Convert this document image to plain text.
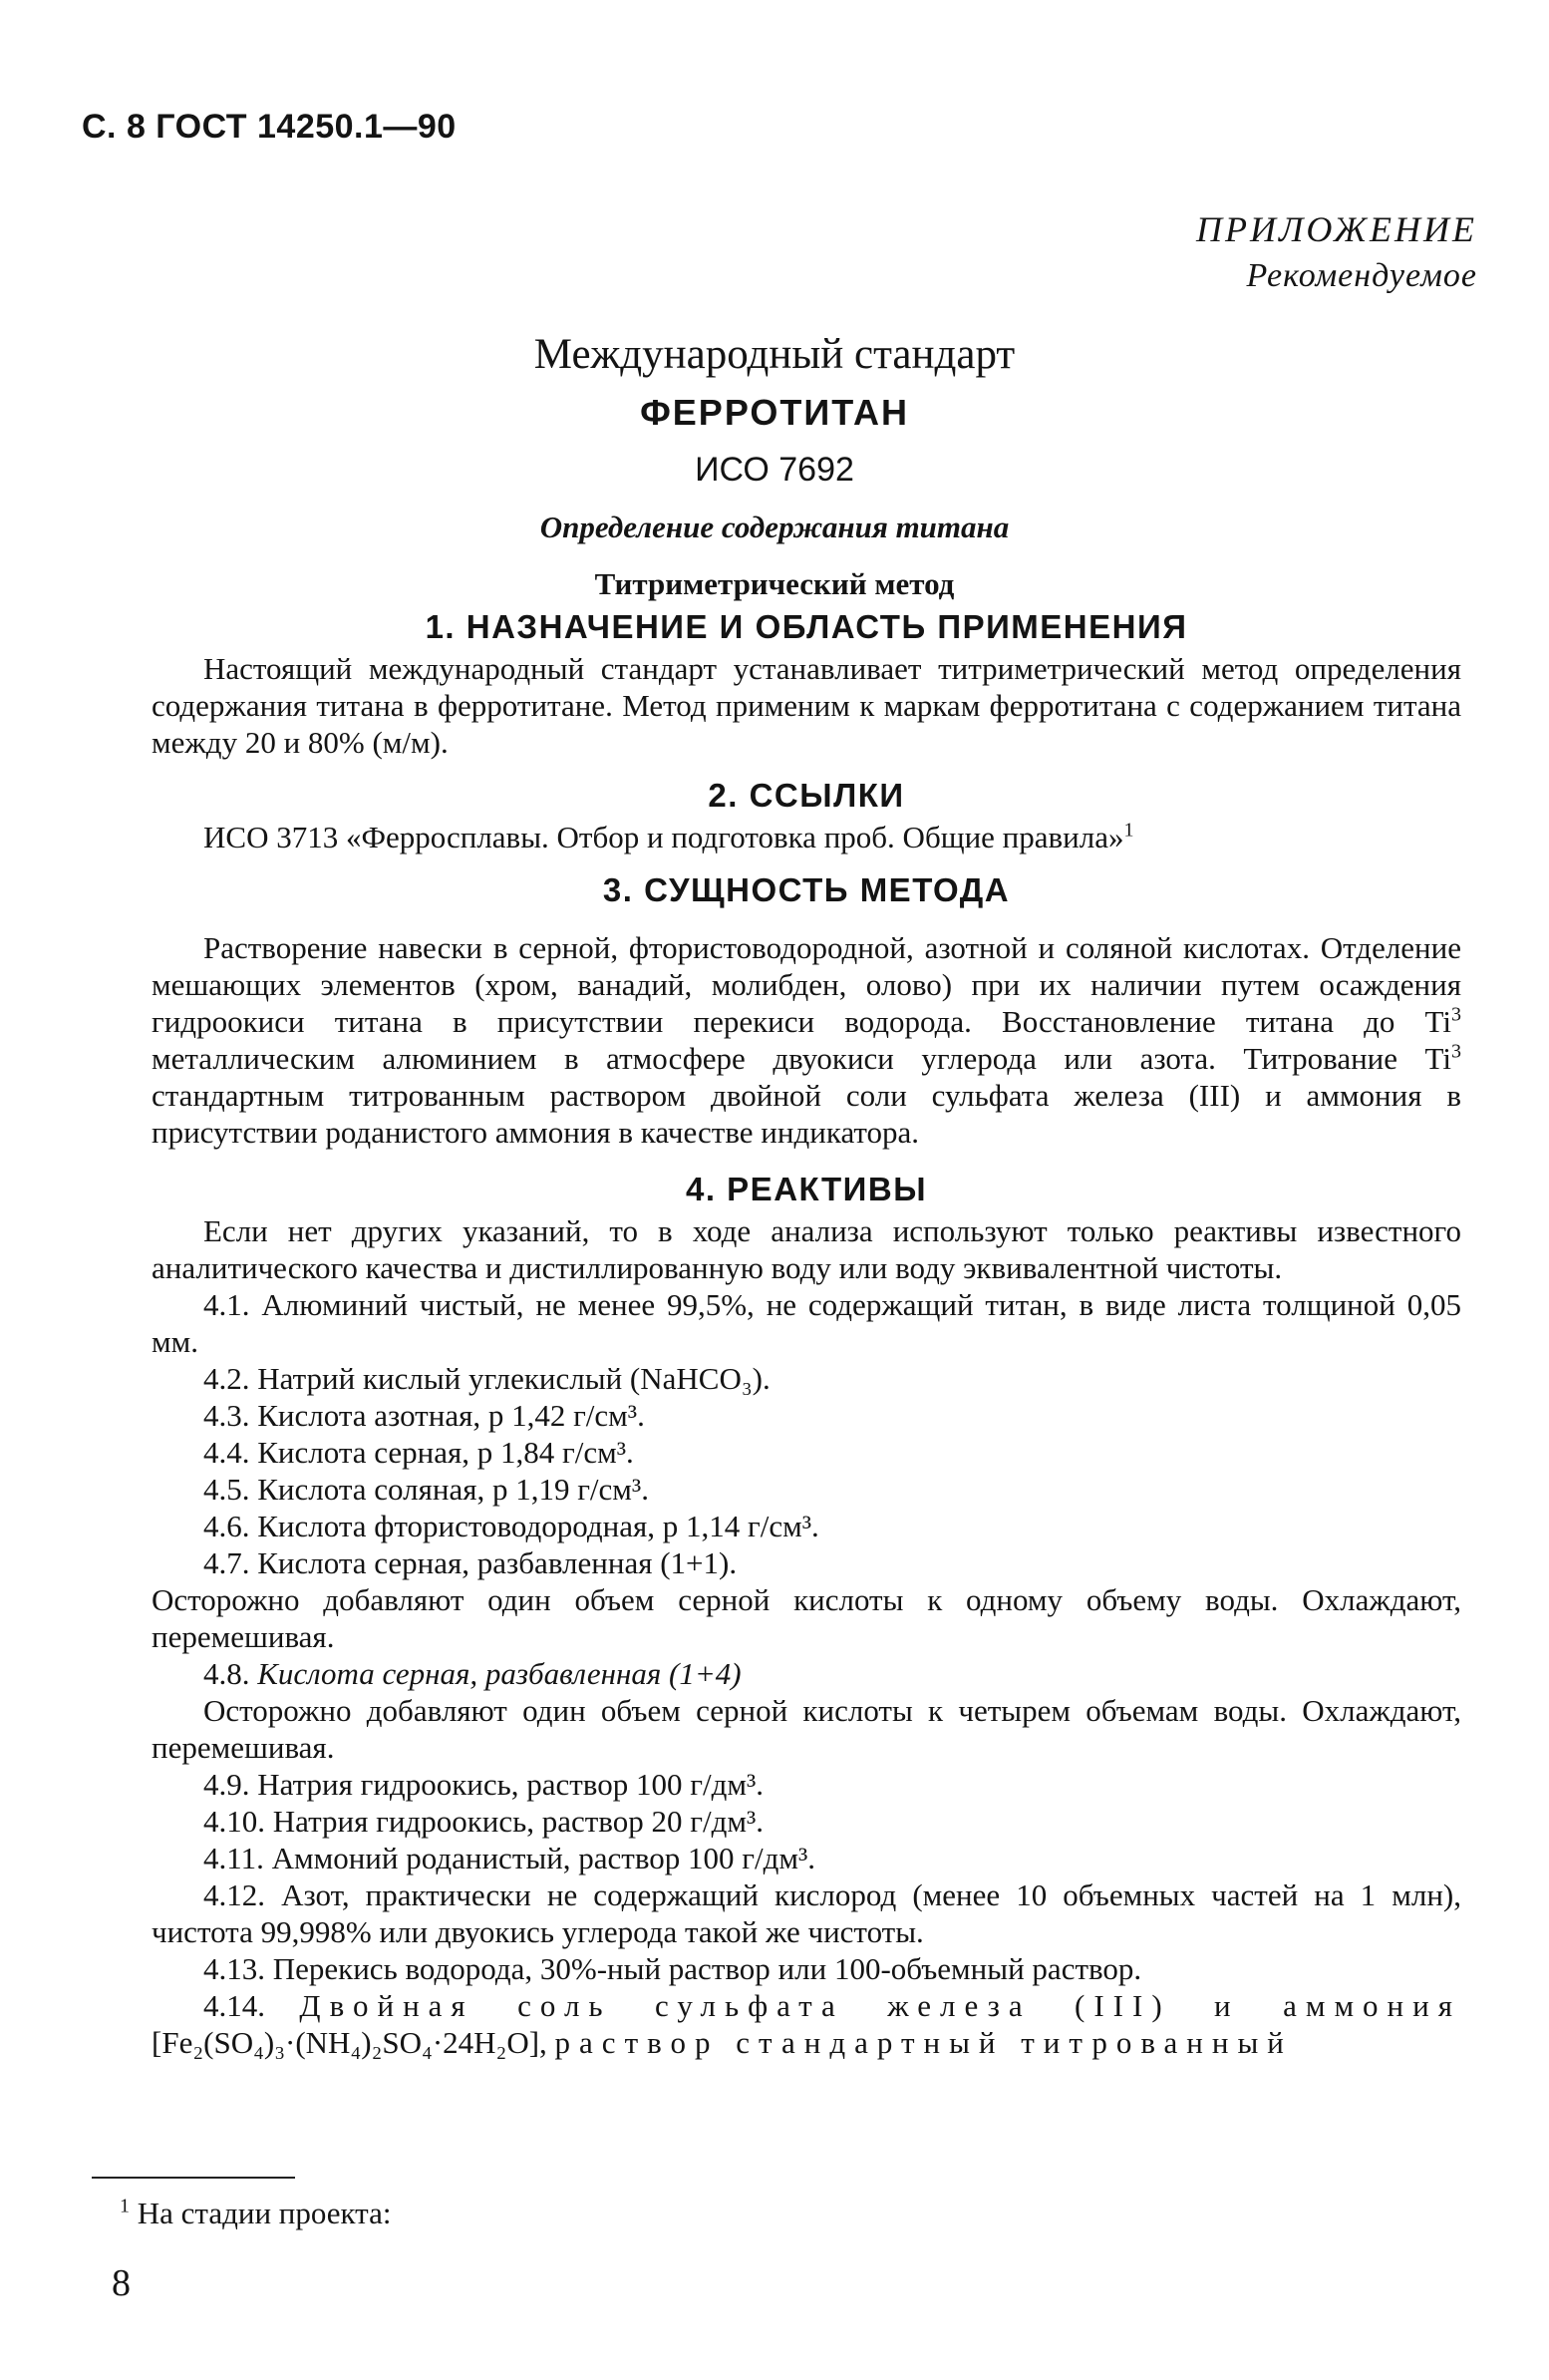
С. 8 ГОСТ 14250.1—90
ПРИЛОЖЕНИЕ
Рекомендуемое
Международный стандарт
ФЕРРОТИТАН
ИСО 7692
Определение содержания титана
Титриметрический метод
1. НАЗНАЧЕНИЕ И ОБЛАСТЬ ПРИМЕНЕНИЯ

Настоящий международный стандарт устанавливает титриметрический метод определения содержания титана в ферротитане. Метод применим к маркам ферротитана с содержанием титана между 20 и 80% (м/м).

2. ССЫЛКИ

ИСО 3713 «Ферросплавы. Отбор и подготовка проб. Общие правила»$^1$

3. СУЩНОСТЬ МЕТОДА

Растворение навески в серной, фтористоводородной, азотной и соляной кислотах. Отделение мешающих элементов (хром, ванадий, молибден, олово) при их наличии путем осаждения гидроокиси титана в присутствии перекиси водорода. Восстановление титана до Ti$^3$ металлическим алюминием в атмосфере двуокиси углерода или азота. Титрование Ti$^3$ стандартным титрованным раствором двойной соли сульфата железа (III) и аммония в присутствии роданистого аммония в качестве индикатора.

4. РЕАКТИВЫ

Если нет других указаний, то в ходе анализа используют только реактивы известного аналитического качества и дистиллированную воду или воду эквивалентной чистоты.

4.1. Алюминий чистый, не менее 99,5%, не содержащий титан, в виде листа толщиной 0,05 мм.

4.2. Натрий кислый углекислый (NaHCO₃).

4.3. Кислота азотная, р 1,42 г/см³.

4.4. Кислота серная, р 1,84 г/см³.

4.5. Кислота соляная, р 1,19 г/см³.

4.6. Кислота фтористоводородная, р 1,14 г/см³.

4.7. Кислота серная, разбавленная (1+1).

Осторожно добавляют один объем серной кислоты к одному объему воды. Охлаждают, перемешивая.

4.8. Кислота серная, разбавленная (1+4)

Осторожно добавляют один объем серной кислоты к четырем объемам воды. Охлаждают, перемешивая.

4.9. Натрия гидроокись, раствор 100 г/дм³.

4.10. Натрия гидроокись, раствор 20 г/дм³.

4.11. Аммоний роданистый, раствор 100 г/дм³.

4.12. Азот, практически не содержащий кислород (менее 10 объемных частей на 1 млн), чистота 99,998% или двуокись углерода такой же чистоты.

4.13. Перекись водорода, 30%-ный раствор или 100-объемный раствор.

4.14. Двойная соль сульфата железа (III) и аммония [Fe₂(SO₄)₃·(NH₄)₂SO₄·24H₂O], раствор стандартный титрованный

$^1$ На стадии проекта:
8
